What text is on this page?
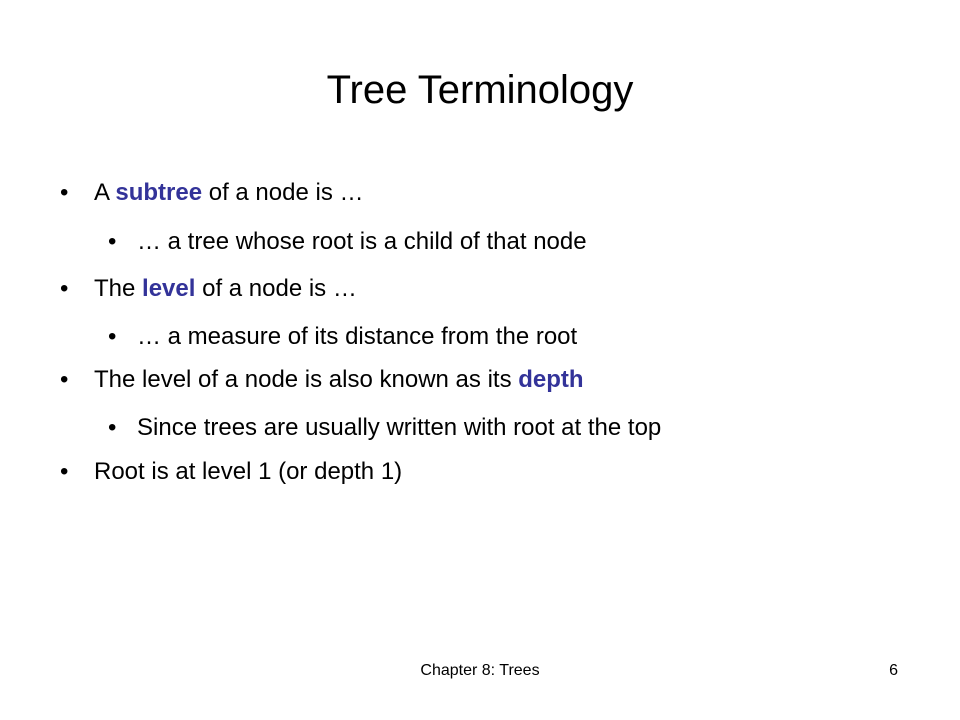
Tree Terminology
• A subtree of a node is …
• … a tree whose root is a child of that node
• The level of a node is …
• … a measure of its distance from the root
• The level of a node is also known as its depth
• Since trees are usually written with root at the top
• Root is at level 1 (or depth 1)
Chapter 8: Trees	6
